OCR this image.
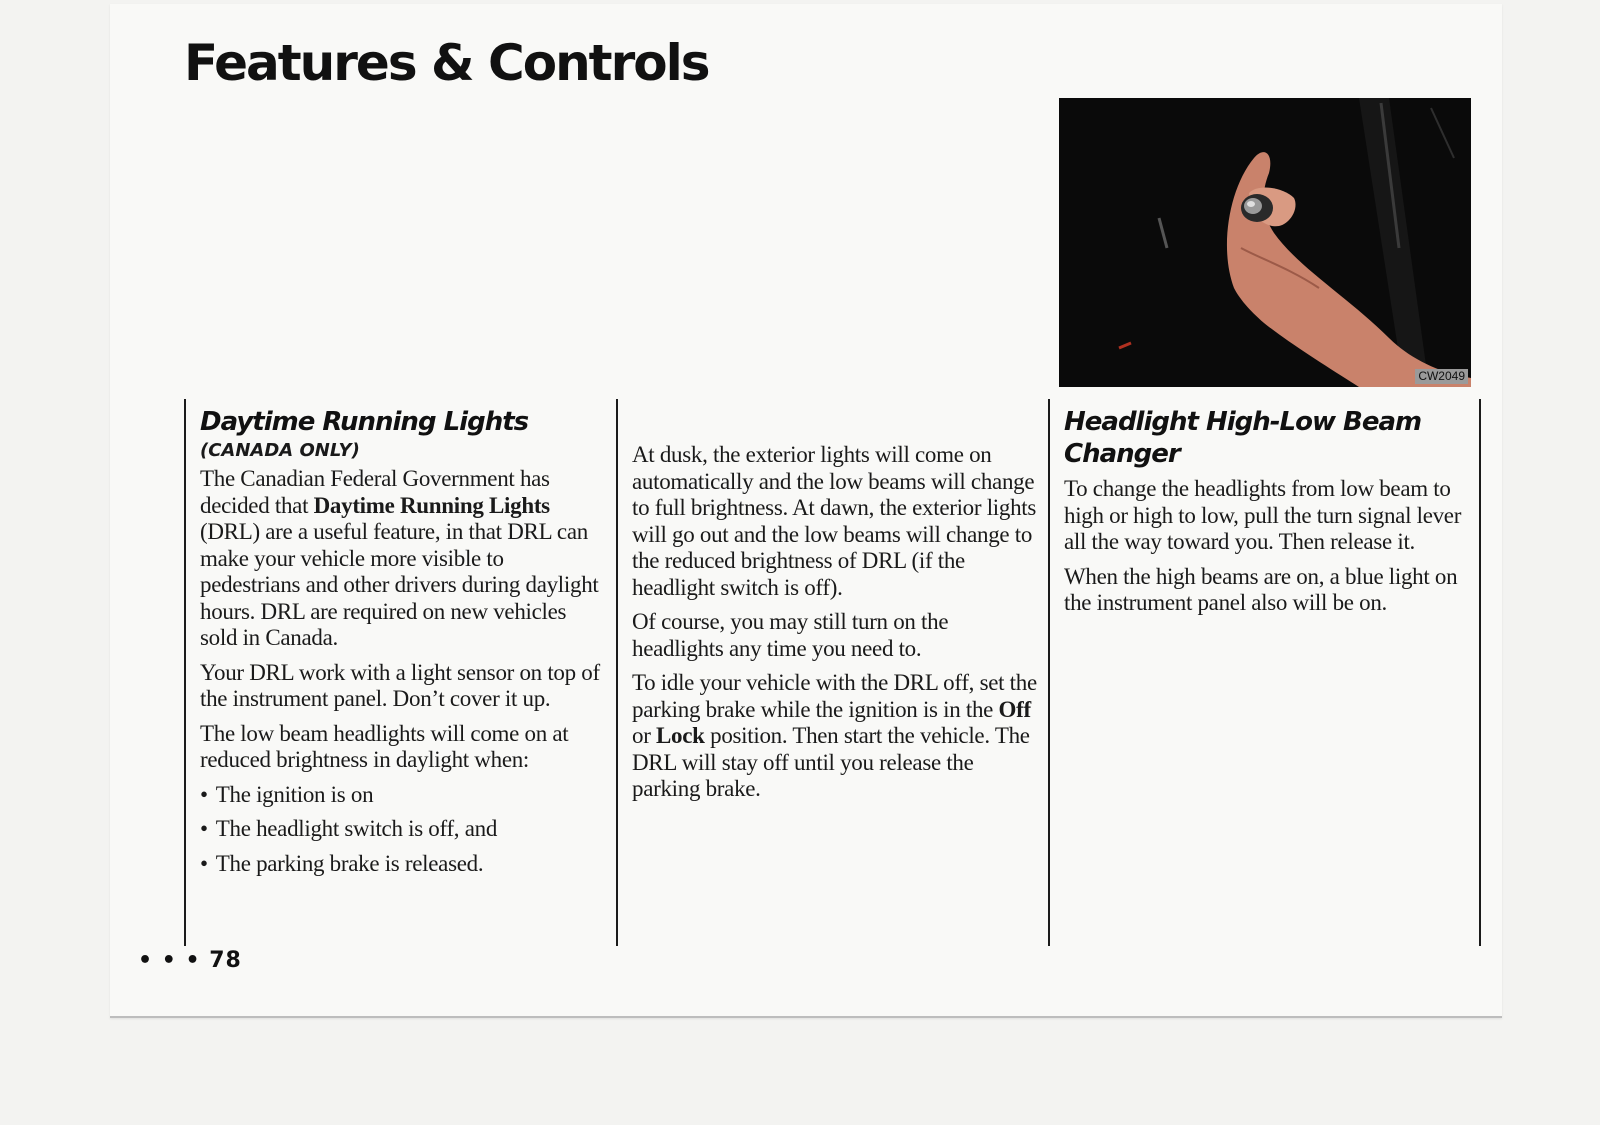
Features & Controls
CW2049
Daytime Running Lights
(CANADA ONLY)

The Canadian Federal Government has decided that Daytime Running Lights (DRL) are a useful feature, in that DRL can make your vehicle more visible to pedestrians and other drivers during daylight hours. DRL are required on new vehicles sold in Canada.

Your DRL work with a light sensor on top of the instrument panel. Don’t cover it up.

The low beam headlights will come on at reduced brightness in daylight when:

• The ignition is on
• The headlight switch is off, and
• The parking brake is released.

At dusk, the exterior lights will come on automatically and the low beams will change to full brightness. At dawn, the exterior lights will go out and the low beams will change to the reduced brightness of DRL (if the headlight switch is off).

Of course, you may still turn on the headlights any time you need to.

To idle your vehicle with the DRL off, set the parking brake while the ignition is in the Off or Lock position. Then start the vehicle. The DRL will stay off until you release the parking brake.

Headlight High-Low Beam
Changer

To change the headlights from low beam to high or high to low, pull the turn signal lever all the way toward you. Then release it.

When the high beams are on, a blue light on the instrument panel also will be on.

• • • 78
